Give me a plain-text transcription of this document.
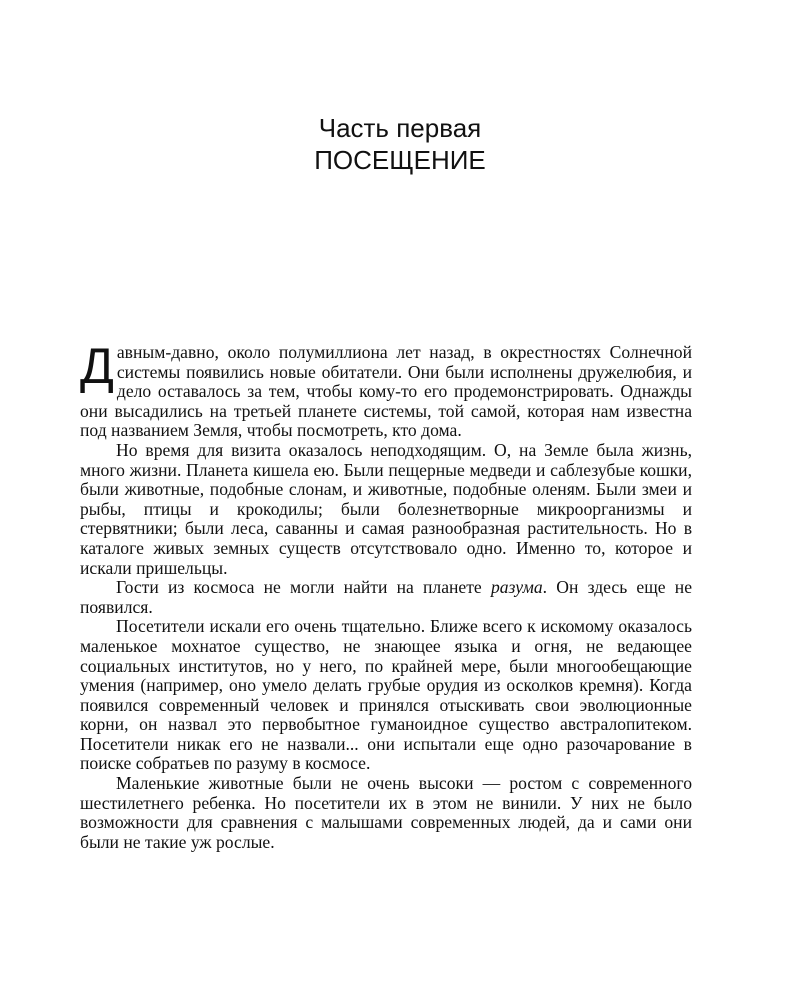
Часть первая
ПОСЕЩЕНИЕ

Давным-давно, около полумиллиона лет назад, в окрестностях Солнечной системы появились новые обитатели. Они были исполнены дружелюбия, и дело оставалось за тем, чтобы кому-то его продемонстрировать. Однажды они высадились на третьей планете системы, той самой, которая нам известна под названием Земля, чтобы посмотреть, кто дома.

Но время для визита оказалось неподходящим. О, на Земле была жизнь, много жизни. Планета кишела ею. Были пещерные медведи и саблезубые кошки, были животные, подобные слонам, и животные, подобные оленям. Были змеи и рыбы, птицы и крокодилы; были болезнетворные микроорганизмы и стервятники; были леса, саванны и самая разнообразная растительность. Но в каталоге живых земных существ отсутствовало одно. Именно то, которое и искали пришельцы.

Гости из космоса не могли найти на планете разума. Он здесь еще не появился.

Посетители искали его очень тщательно. Ближе всего к искомому оказалось маленькое мохнатое существо, не знающее языка и огня, не ведающее социальных институтов, но у него, по крайней мере, были многообещающие умения (например, оно умело делать грубые орудия из осколков кремня). Когда появился современный человек и принялся отыскивать свои эволюционные корни, он назвал это первобытное гуманоидное существо австралопитеком. Посетители никак его не назвали... они испытали еще одно разочарование в поиске собратьев по разуму в космосе.

Маленькие животные были не очень высоки — ростом с современного шестилетнего ребенка. Но посетители их в этом не винили. У них не было возможности для сравнения с малышами современных людей, да и сами они были не такие уж рослые.
